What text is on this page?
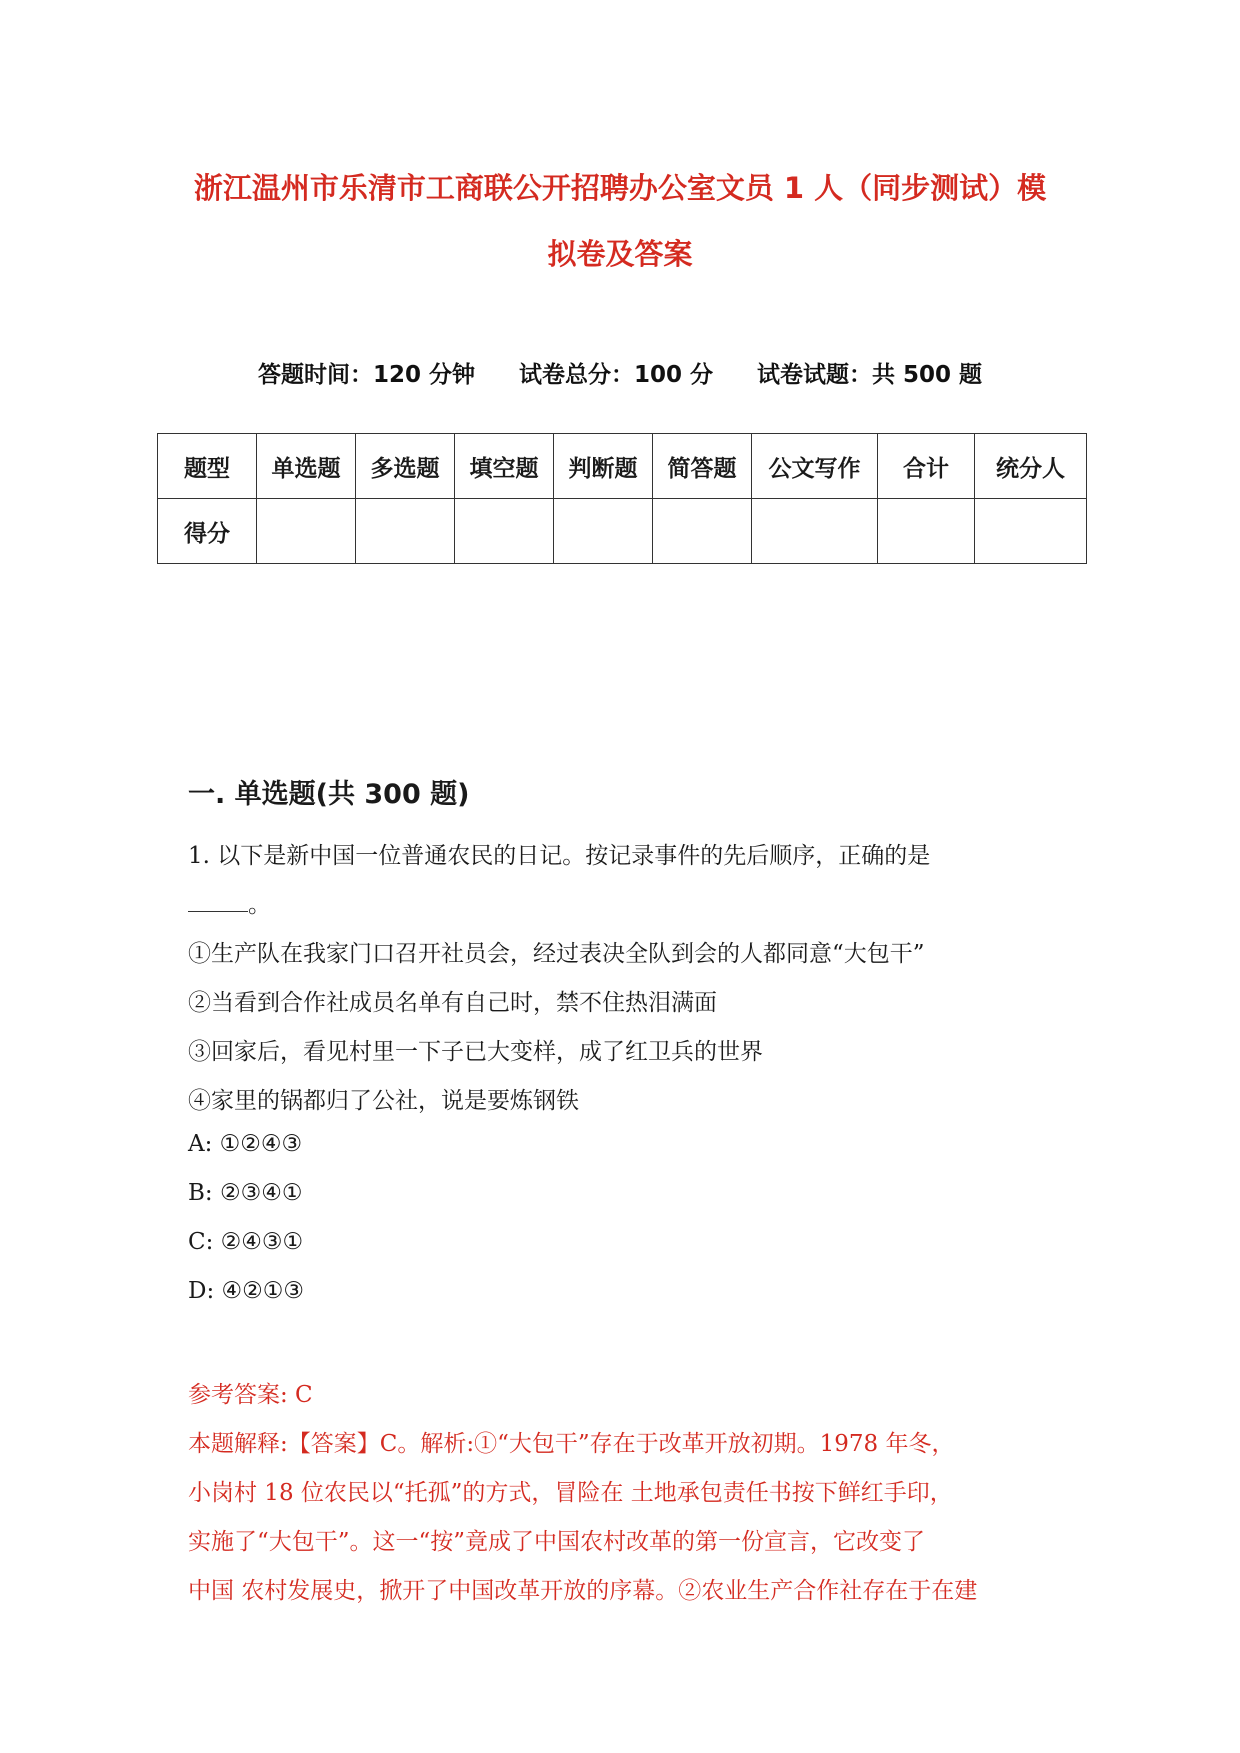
浙江温州市乐清市工商联公开招聘办公室文员 1 人（同步测试）模
拟卷及答案
答题时间：120 分钟 试卷总分：100 分 试卷试题：共 500 题
题型	单选题	多选题	填空题	判断题	简答题	公文写作	合计	统分人
得分								
一. 单选题(共 300 题)
1. 以下是新中国一位普通农民的日记。按记录事件的先后顺序，正确的是
。
①生产队在我家门口召开社员会，经过表决全队到会的人都同意“大包干”
②当看到合作社成员名单有自己时，禁不住热泪满面
③回家后，看见村里一下子已大变样，成了红卫兵的世界
④家里的锅都归了公社，说是要炼钢铁
A: ①②④③
B: ②③④①
C: ②④③①
D: ④②①③
参考答案: C
本题解释:【答案】C。解析:①“大包干”存在于改革开放初期。1978 年冬，
小岗村 18 位农民以“托孤”的方式，冒险在 土地承包责任书按下鲜红手印，
实施了“大包干”。这一“按”竟成了中国农村改革的第一份宣言，它改变了
中国 农村发展史，掀开了中国改革开放的序幕。②农业生产合作社存在于在建
